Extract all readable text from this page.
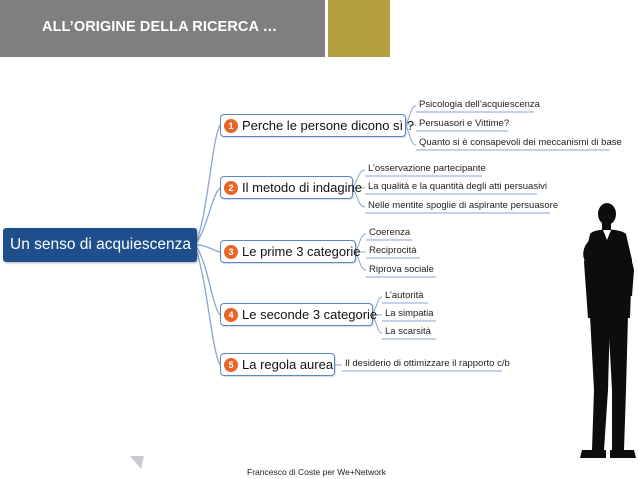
ALL’ORIGINE DELLA RICERCA …
Un senso di acquiescenza
1 Perche le persone dicono sì ?
Psicologia dell’acquiescenza
Persuasori e Vittime?
Quanto si è consapevoli dei meccanismi di base
2 Il metodo di indagine
L’osservazione partecipante
La qualità e la quantità degli atti persuasivi
Nelle mentite spoglie di aspirante persuasore
3 Le prime 3 categorie
Coerenza
Reciprocità
Riprova sociale
4 Le seconde 3 categorie
L’autorità
La simpatia
La scarsità
5 La regola aurea Il desiderio di ottimizzare il rapporto c/b
Francesco di Coste per We+Network
